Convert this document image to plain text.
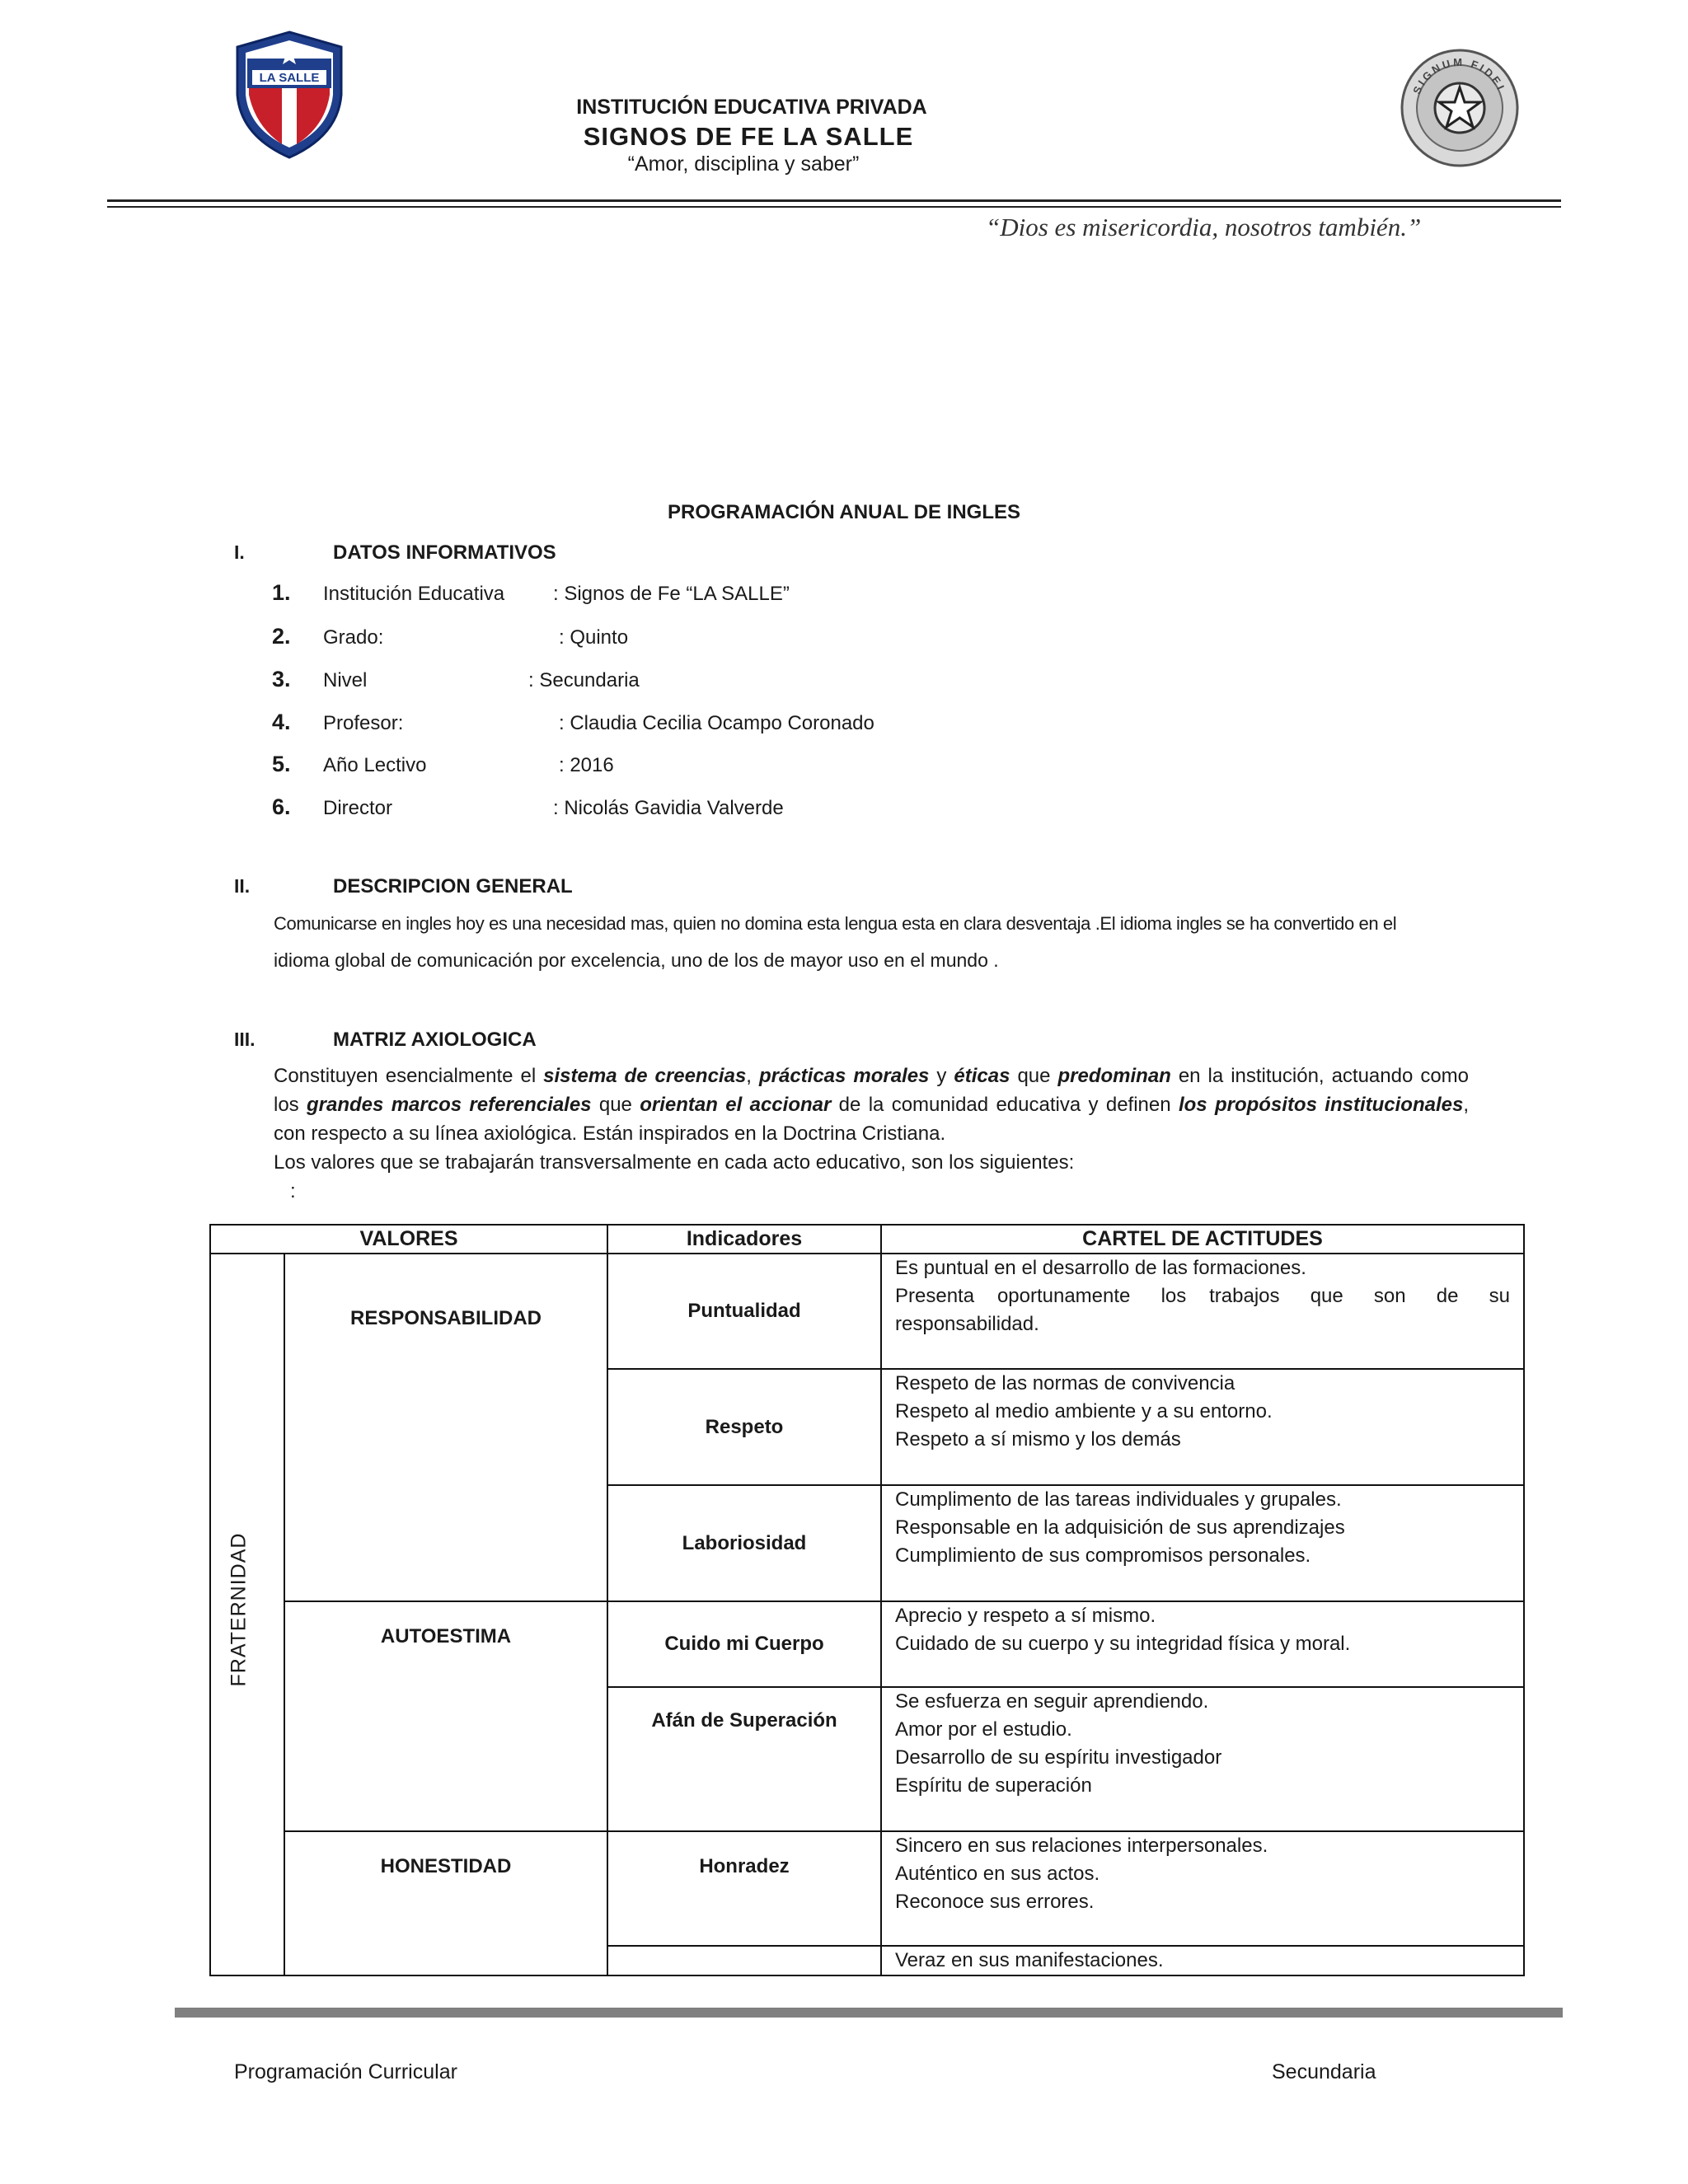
LA SALLE
INSTITUCIÓN EDUCATIVA PRIVADA
SIGNOS DE FE LA SALLE
“Amor, disciplina y saber”
SIGNUM FIDEI
“Dios es misericordia, nosotros también.”
PROGRAMACIÓN ANUAL DE INGLES
I.	DATOS INFORMATIVOS
1. Institución Educativa : Signos de Fe “LA SALLE”
2. Grado:	: Quinto
3. Nivel	: Secundaria
4. Profesor:	: Claudia Cecilia Ocampo Coronado
5. Año Lectivo	: 2016
6. Director	: Nicolás Gavidia Valverde
II.	DESCRIPCION GENERAL
Comunicarse en ingles hoy es una necesidad mas, quien no domina esta lengua esta en clara desventaja .El idioma ingles se ha convertido en el
idioma global de comunicación por excelencia, uno de los de mayor uso en el mundo .
III.	MATRIZ AXIOLOGICA
Constituyen esencialmente el sistema de creencias, prácticas morales y éticas que predominan en la institución, actuando como
los grandes marcos referenciales que orientan el accionar de la comunidad educativa y definen los propósitos institucionales,
con respecto a su línea axiológica. Están inspirados en la Doctrina Cristiana.
Los valores que se trabajarán transversalmente en cada acto educativo, son los siguientes:
:
VALORES		Indicadores	CARTEL DE ACTITUDES
	RESPONSABILIDAD	Puntualidad	Es puntual en el desarrollo de las formaciones.
Presenta   oportunamente    los   trabajos    que    son    de    su
responsabilidad.

		Respeto	Respeto de las normas de convivencia
Respeto al medio ambiente y a su entorno.
Respeto a sí mismo y los demás

		Laboriosidad	Cumplimento de las tareas individuales y grupales.
Responsable en la adquisición de sus aprendizajes
Cumplimiento de sus compromisos personales.

	AUTOESTIMA	Cuido mi Cuerpo	Aprecio y respeto a sí mismo.
Cuidado de su cuerpo y su integridad física y moral.

		Afán de Superación	Se esfuerza en seguir aprendiendo.
Amor por el estudio.
Desarrollo de su espíritu investigador
Espíritu de superación

	HONESTIDAD	Honradez	Sincero en sus relaciones interpersonales.
Auténtico en sus actos.
Reconoce sus errores.

			Veraz en sus manifestaciones.
FRATERNIDAD
Programación Curricular	Secundaria
